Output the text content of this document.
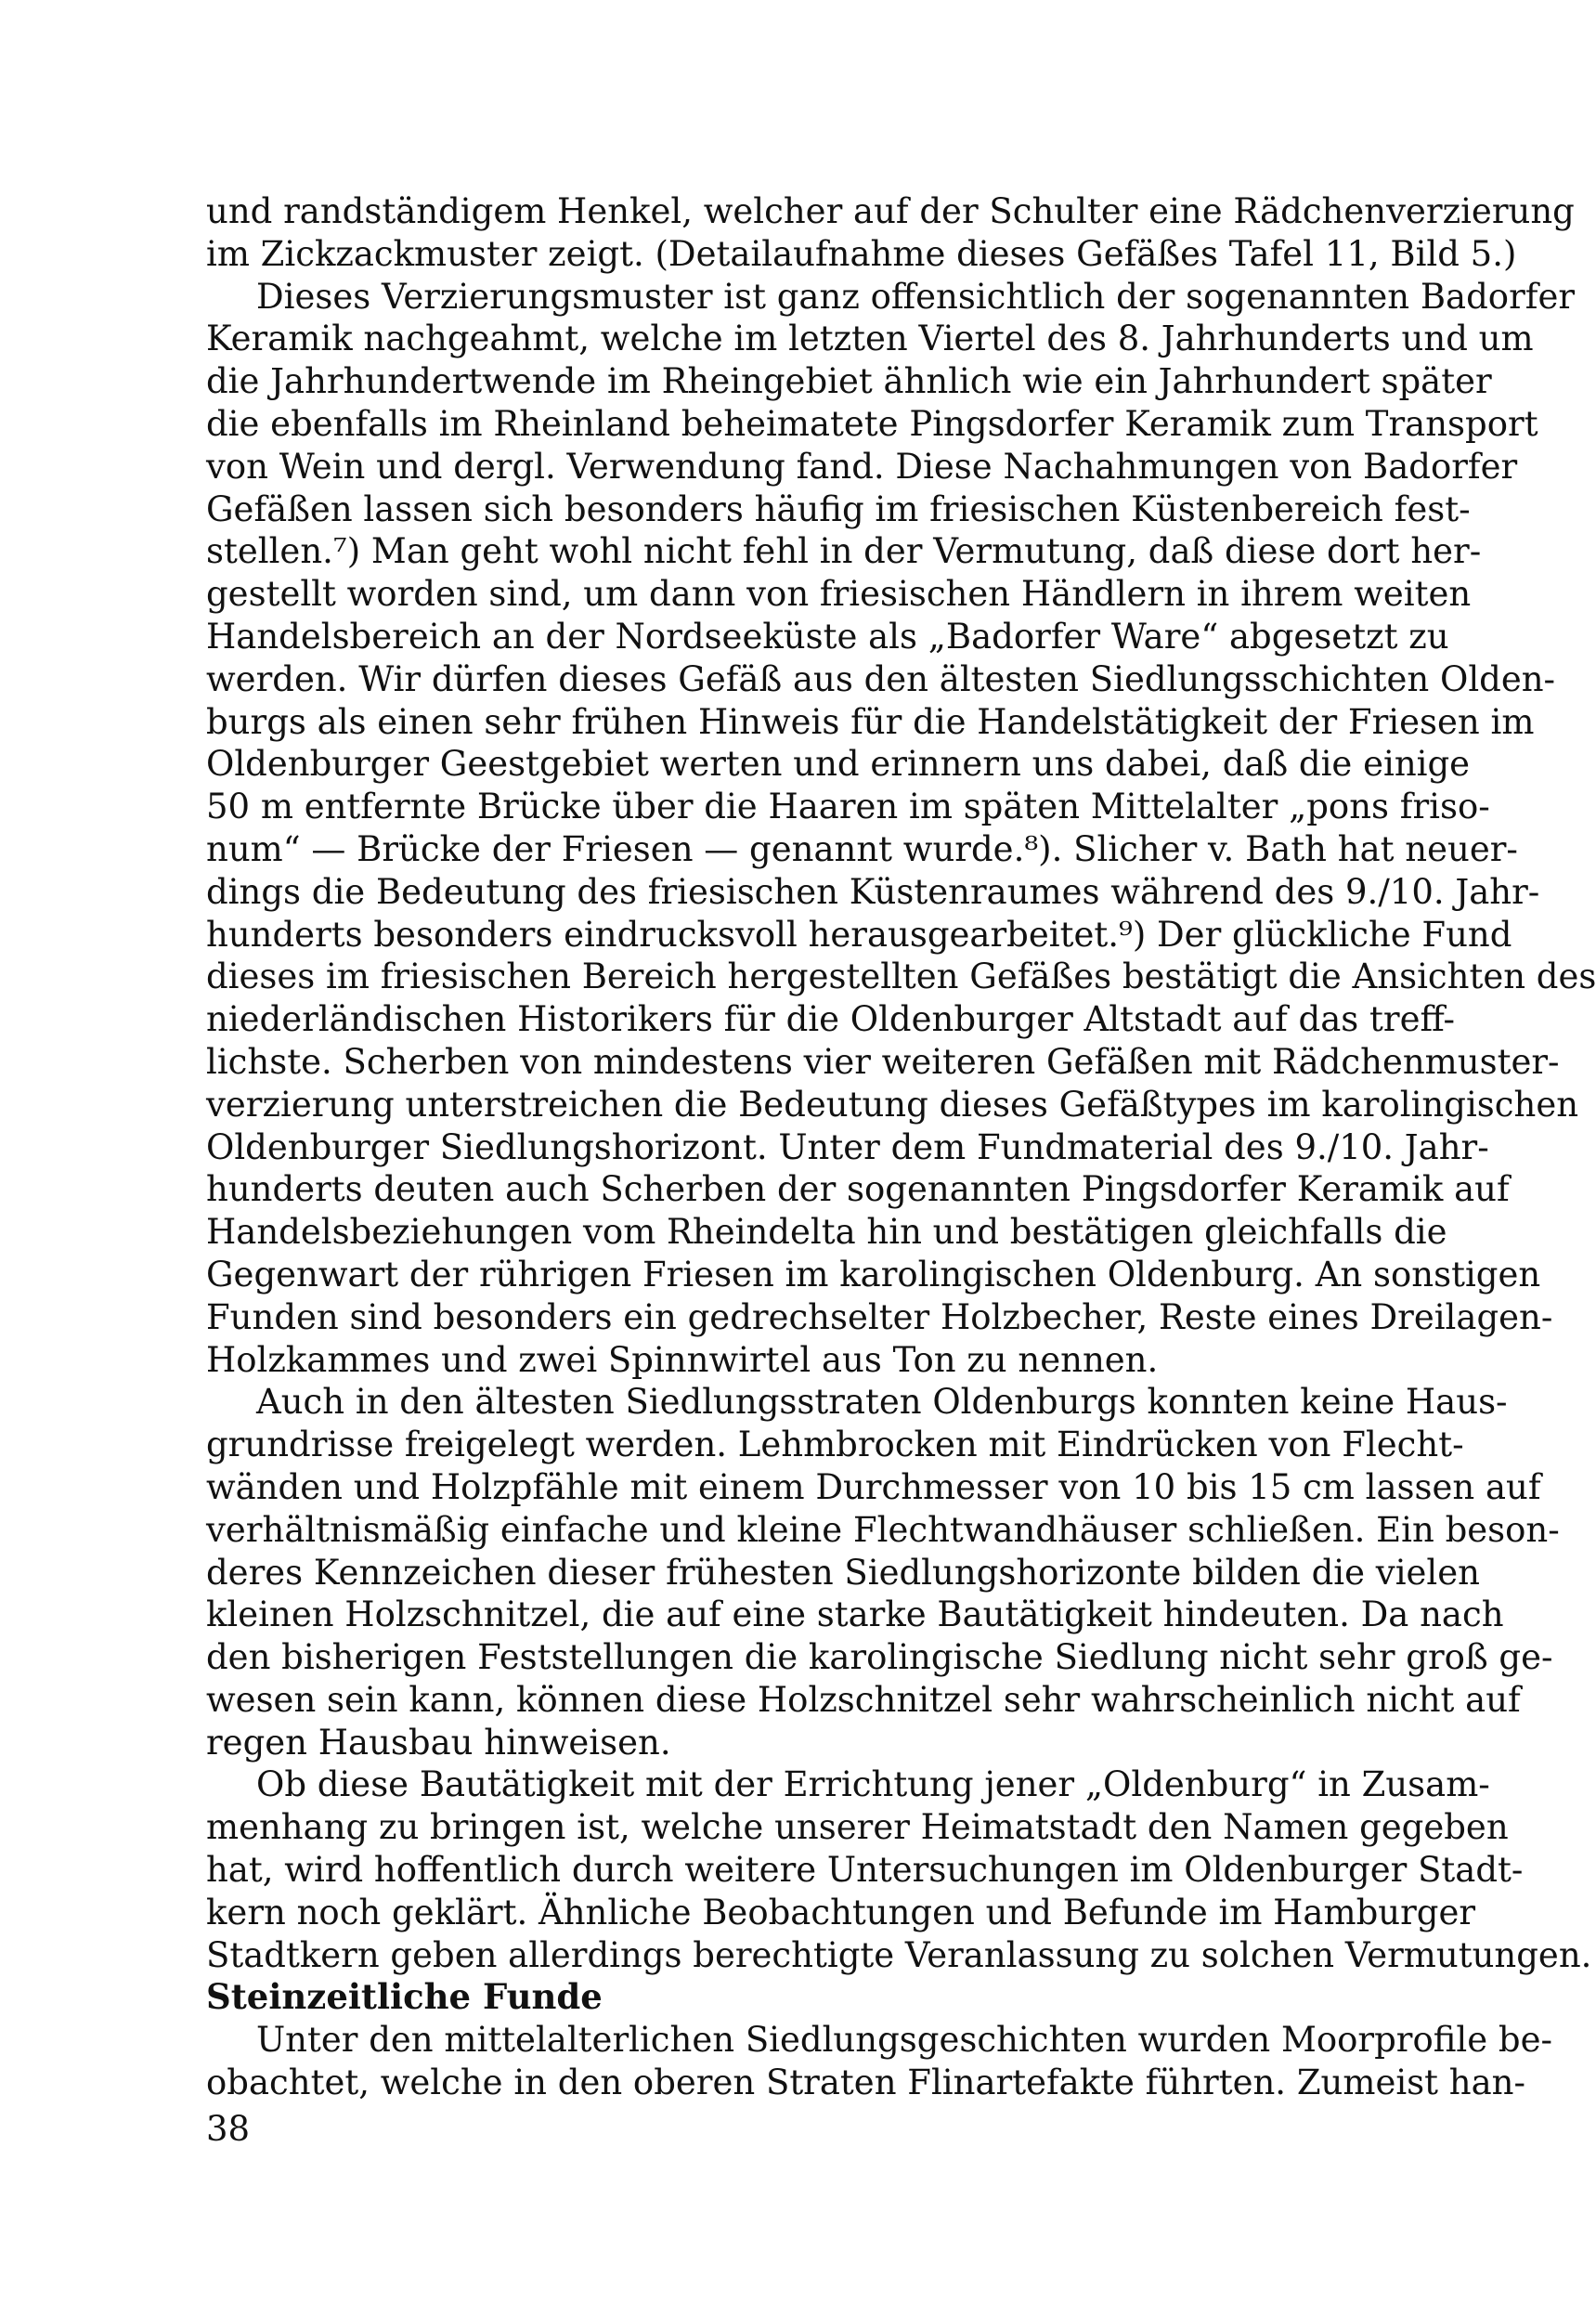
und randständigem Henkel, welcher auf der Schulter eine Rädchenverzierung
im Zickzackmuster zeigt. (Detailaufnahme dieses Gefäßes Tafel 11, Bild 5.)
Dieses Verzierungsmuster ist ganz offensichtlich der sogenannten Badorfer
Keramik nachgeahmt, welche im letzten Viertel des 8. Jahrhunderts und um
die Jahrhundertwende im Rheingebiet ähnlich wie ein Jahrhundert später
die ebenfalls im Rheinland beheimatete Pingsdorfer Keramik zum Transport
von Wein und dergl. Verwendung fand. Diese Nachahmungen von Badorfer
Gefäßen lassen sich besonders häufig im friesischen Küstenbereich fest-
stellen.⁷) Man geht wohl nicht fehl in der Vermutung, daß diese dort her-
gestellt worden sind, um dann von friesischen Händlern in ihrem weiten
Handelsbereich an der Nordseeküste als „Badorfer Ware“ abgesetzt zu
werden. Wir dürfen dieses Gefäß aus den ältesten Siedlungsschichten Olden-
burgs als einen sehr frühen Hinweis für die Handelstätigkeit der Friesen im
Oldenburger Geestgebiet werten und erinnern uns dabei, daß die einige
50 m entfernte Brücke über die Haaren im späten Mittelalter „pons friso-
num“ — Brücke der Friesen — genannt wurde.⁸). Slicher v. Bath hat neuer-
dings die Bedeutung des friesischen Küstenraumes während des 9./10. Jahr-
hunderts besonders eindrucksvoll herausgearbeitet.⁹) Der glückliche Fund
dieses im friesischen Bereich hergestellten Gefäßes bestätigt die Ansichten des
niederländischen Historikers für die Oldenburger Altstadt auf das treff-
lichste. Scherben von mindestens vier weiteren Gefäßen mit Rädchenmuster-
verzierung unterstreichen die Bedeutung dieses Gefäßtypes im karolingischen
Oldenburger Siedlungshorizont. Unter dem Fundmaterial des 9./10. Jahr-
hunderts deuten auch Scherben der sogenannten Pingsdorfer Keramik auf
Handelsbeziehungen vom Rheindelta hin und bestätigen gleichfalls die
Gegenwart der rührigen Friesen im karolingischen Oldenburg. An sonstigen
Funden sind besonders ein gedrechselter Holzbecher, Reste eines Dreilagen-
Holzkammes und zwei Spinnwirtel aus Ton zu nennen.
Auch in den ältesten Siedlungsstraten Oldenburgs konnten keine Haus-
grundrisse freigelegt werden. Lehmbrocken mit Eindrücken von Flecht-
wänden und Holzpfähle mit einem Durchmesser von 10 bis 15 cm lassen auf
verhältnismäßig einfache und kleine Flechtwandhäuser schließen. Ein beson-
deres Kennzeichen dieser frühesten Siedlungshorizonte bilden die vielen
kleinen Holzschnitzel, die auf eine starke Bautätigkeit hindeuten. Da nach
den bisherigen Feststellungen die karolingische Siedlung nicht sehr groß ge-
wesen sein kann, können diese Holzschnitzel sehr wahrscheinlich nicht auf
regen Hausbau hinweisen.
Ob diese Bautätigkeit mit der Errichtung jener „Oldenburg“ in Zusam-
menhang zu bringen ist, welche unserer Heimatstadt den Namen gegeben
hat, wird hoffentlich durch weitere Untersuchungen im Oldenburger Stadt-
kern noch geklärt. Ähnliche Beobachtungen und Befunde im Hamburger
Stadtkern geben allerdings berechtigte Veranlassung zu solchen Vermutungen.
Steinzeitliche Funde
Unter den mittelalterlichen Siedlungsgeschichten wurden Moorprofile be-
obachtet, welche in den oberen Straten Flinartefakte führten. Zumeist han-
38
